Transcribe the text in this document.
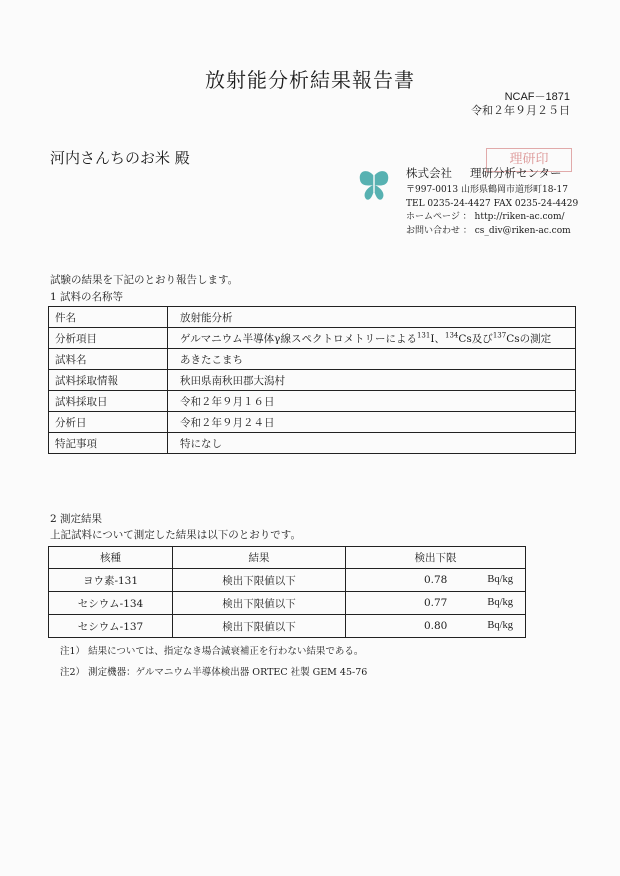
放射能分析結果報告書
NCAF－1871
令和２年９月２５日
河内さんちのお米 殿	理研印
株式会社 理研分析センター
〒997-0013 山形県鶴岡市道形町18-17
TEL 0235-24-4427 FAX 0235-24-4429
ホームページ ： http://riken-ac.com/
お問い合わせ ： cs_div@riken-ac.com
試験の結果を下記のとおり報告します。
1 試料の名称等
件名	放射能分析
分析項目	ゲルマニウム半導体γ線スペクトロメトリーによる$^{131}$I、$^{134}$Cs及び$^{137}$Csの測定
試料名	あきたこまち
試料採取情報	秋田県南秋田郡大潟村
試料採取日	令和２年９月１６日
分析日	令和２年９月２４日
特記事項	特になし
2 測定結果
上記試料について測定した結果は以下のとおりです。
核種	結果	検出下限
ヨウ素-131	検出下限値以下	0.78 Bq/kg

セシウム-134	検出下限値以下	0.77 Bq/kg

セシウム-137	検出下限値以下	0.80 Bq/kg
注1） 結果については、指定なき場合減衰補正を行わない結果である。
注2） 測定機器：ゲルマニウム半導体検出器 ORTEC 社製 GEM 45-76
